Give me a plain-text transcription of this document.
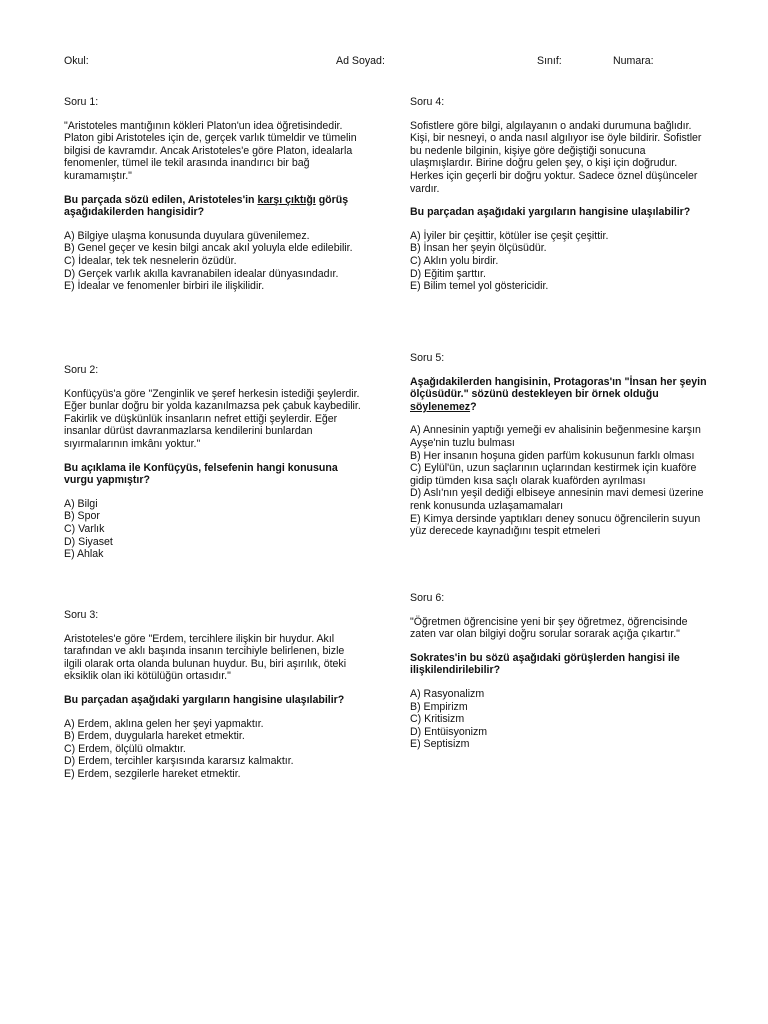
Okul:	Ad Soyad:	Sınıf:	Numara:
Soru 1:
"Aristoteles mantığının kökleri Platon'un idea öğretisindedir. Platon gibi Aristoteles için de, gerçek varlık tümeldir ve tümelin bilgisi de kavramdır. Ancak Aristoteles'e göre Platon, idealarla fenomenler, tümel ile tekil arasında inandırıcı bir bağ kuramamıştır."
Bu parçada sözü edilen, Aristoteles'in karşı çıktığı görüş aşağıdakilerden hangisidir?
A) Bilgiye ulaşma konusunda duyulara güvenilemez.
B) Genel geçer ve kesin bilgi ancak akıl yoluyla elde edilebilir.
C) İdealar, tek tek nesnelerin özüdür.
D) Gerçek varlık akılla kavranabilen idealar dünyasındadır.
E) İdealar ve fenomenler birbiri ile ilişkilidir.
Soru 2:
Konfüçyüs'a göre "Zenginlik ve şeref herkesin istediği şeylerdir. Eğer bunlar doğru bir yolda kazanılmazsa pek çabuk kaybedilir. Fakirlik ve düşkünlük insanların nefret ettiği şeylerdir. Eğer insanlar dürüst davranmazlarsa kendilerini bunlardan sıyırmalarının imkânı yoktur."
Bu açıklama ile Konfüçyüs, felsefenin hangi konusuna vurgu yapmıştır?
A) Bilgi
B) Spor
C) Varlık
D) Siyaset
E) Ahlak
Soru 3:
Aristoteles'e göre "Erdem, tercihlere ilişkin bir huydur. Akıl tarafından ve aklı başında insanın tercihiyle belirlenen, bizle ilgili olarak orta olanda bulunan huydur. Bu, biri aşırılık, öteki eksiklik olan iki kötülüğün ortasıdır."
Bu parçadan aşağıdaki yargıların hangisine ulaşılabilir?
A) Erdem, aklına gelen her şeyi yapmaktır.
B) Erdem, duygularla hareket etmektir.
C) Erdem, ölçülü olmaktır.
D) Erdem, tercihler karşısında kararsız kalmaktır.
E) Erdem, sezgilerle hareket etmektir.
Soru 4:
Sofistlere göre bilgi, algılayanın o andaki durumuna bağlıdır. Kişi, bir nesneyi, o anda nasıl algılıyor ise öyle bildirir. Sofistler bu nedenle bilginin, kişiye göre değiştiği sonucuna ulaşmışlardır. Birine doğru gelen şey, o kişi için doğrudur. Herkes için geçerli bir doğru yoktur. Sadece öznel düşünceler vardır.
Bu parçadan aşağıdaki yargıların hangisine ulaşılabilir?
A) İyiler bir çeşittir, kötüler ise çeşit çeşittir.
B) İnsan her şeyin ölçüsüdür.
C) Aklın yolu birdir.
D) Eğitim şarttır.
E) Bilim temel yol göstericidir.
Soru 5:
Aşağıdakilerden hangisinin, Protagoras'ın "İnsan her şeyin ölçüsüdür." sözünü destekleyen bir örnek olduğu söylenemez?
A) Annesinin yaptığı yemeği ev ahalisinin beğenmesine karşın Ayşe'nin tuzlu bulması
B) Her insanın hoşuna giden parfüm kokusunun farklı olması
C) Eylül'ün, uzun saçlarının uçlarından kestirmek için kuaföre gidip tümden kısa saçlı olarak kuaförden ayrılması
D) Aslı'nın yeşil dediği elbiseye annesinin mavi demesi üzerine renk konusunda uzlaşamamaları
E) Kimya dersinde yaptıkları deney sonucu öğrencilerin suyun yüz derecede kaynadığını tespit etmeleri
Soru 6:
"Öğretmen öğrencisine yeni bir şey öğretmez, öğrencisinde zaten var olan bilgiyi doğru sorular sorarak açığa çıkartır."
Sokrates'in bu sözü aşağıdaki görüşlerden hangisi ile ilişkilendirilebilir?
A) Rasyonalizm
B) Empirizm
C) Kritisizm
D) Entüisyonizm
E) Septisizm
